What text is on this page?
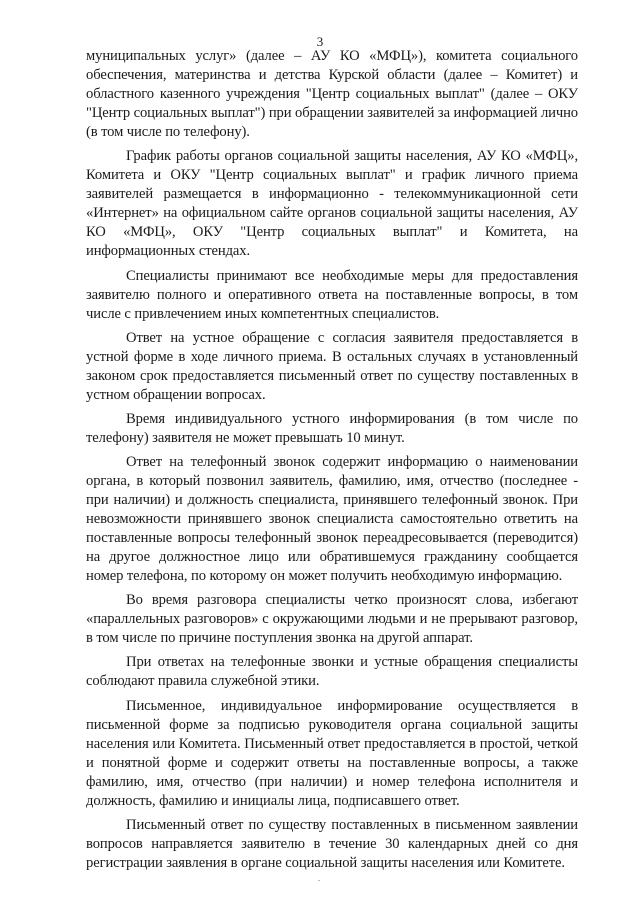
3

муниципальных услуг» (далее – АУ КО «МФЦ»), комитета социального обеспечения, материнства и детства Курской области (далее – Комитет) и областного казенного учреждения "Центр социальных выплат" (далее – ОКУ "Центр социальных выплат") при обращении заявителей за информацией лично (в том числе по телефону).

График работы органов социальной защиты населения, АУ КО «МФЦ», Комитета и ОКУ "Центр социальных выплат" и график личного приема заявителей размещается в информационно - телекоммуникационной сети «Интернет» на официальном сайте органов социальной защиты населения, АУ КО «МФЦ», ОКУ "Центр социальных выплат" и Комитета, на информационных стендах.

Специалисты принимают все необходимые меры для предоставления заявителю полного и оперативного ответа на поставленные вопросы, в том числе с привлечением иных компетентных специалистов.

Ответ на устное обращение с согласия заявителя предоставляется в устной форме в ходе личного приема. В остальных случаях в установленный законом срок предоставляется письменный ответ по существу поставленных в устном обращении вопросах.

Время индивидуального устного информирования (в том числе по телефону) заявителя не может превышать 10 минут.

Ответ на телефонный звонок содержит информацию о наименовании органа, в который позвонил заявитель, фамилию, имя, отчество (последнее - при наличии) и должность специалиста, принявшего телефонный звонок. При невозможности принявшего звонок специалиста самостоятельно ответить на поставленные вопросы телефонный звонок переадресовывается (переводится) на другое должностное лицо или обратившемуся гражданину сообщается номер телефона, по которому он может получить необходимую информацию.

Во время разговора специалисты четко произносят слова, избегают «параллельных разговоров» с окружающими людьми и не прерывают разговор, в том числе по причине поступления звонка на другой аппарат.

При ответах на телефонные звонки и устные обращения специалисты соблюдают правила служебной этики.

Письменное, индивидуальное информирование осуществляется в письменной форме за подписью руководителя органа социальной защиты населения или Комитета. Письменный ответ предоставляется в простой, четкой и понятной форме и содержит ответы на поставленные вопросы, а также фамилию, имя, отчество (при наличии) и номер телефона исполнителя и должность, фамилию и инициалы лица, подписавшего ответ.

Письменный ответ по существу поставленных в письменном заявлении вопросов направляется заявителю в течение 30 календарных дней со дня регистрации заявления в органе социальной защиты населения или Комитете.
